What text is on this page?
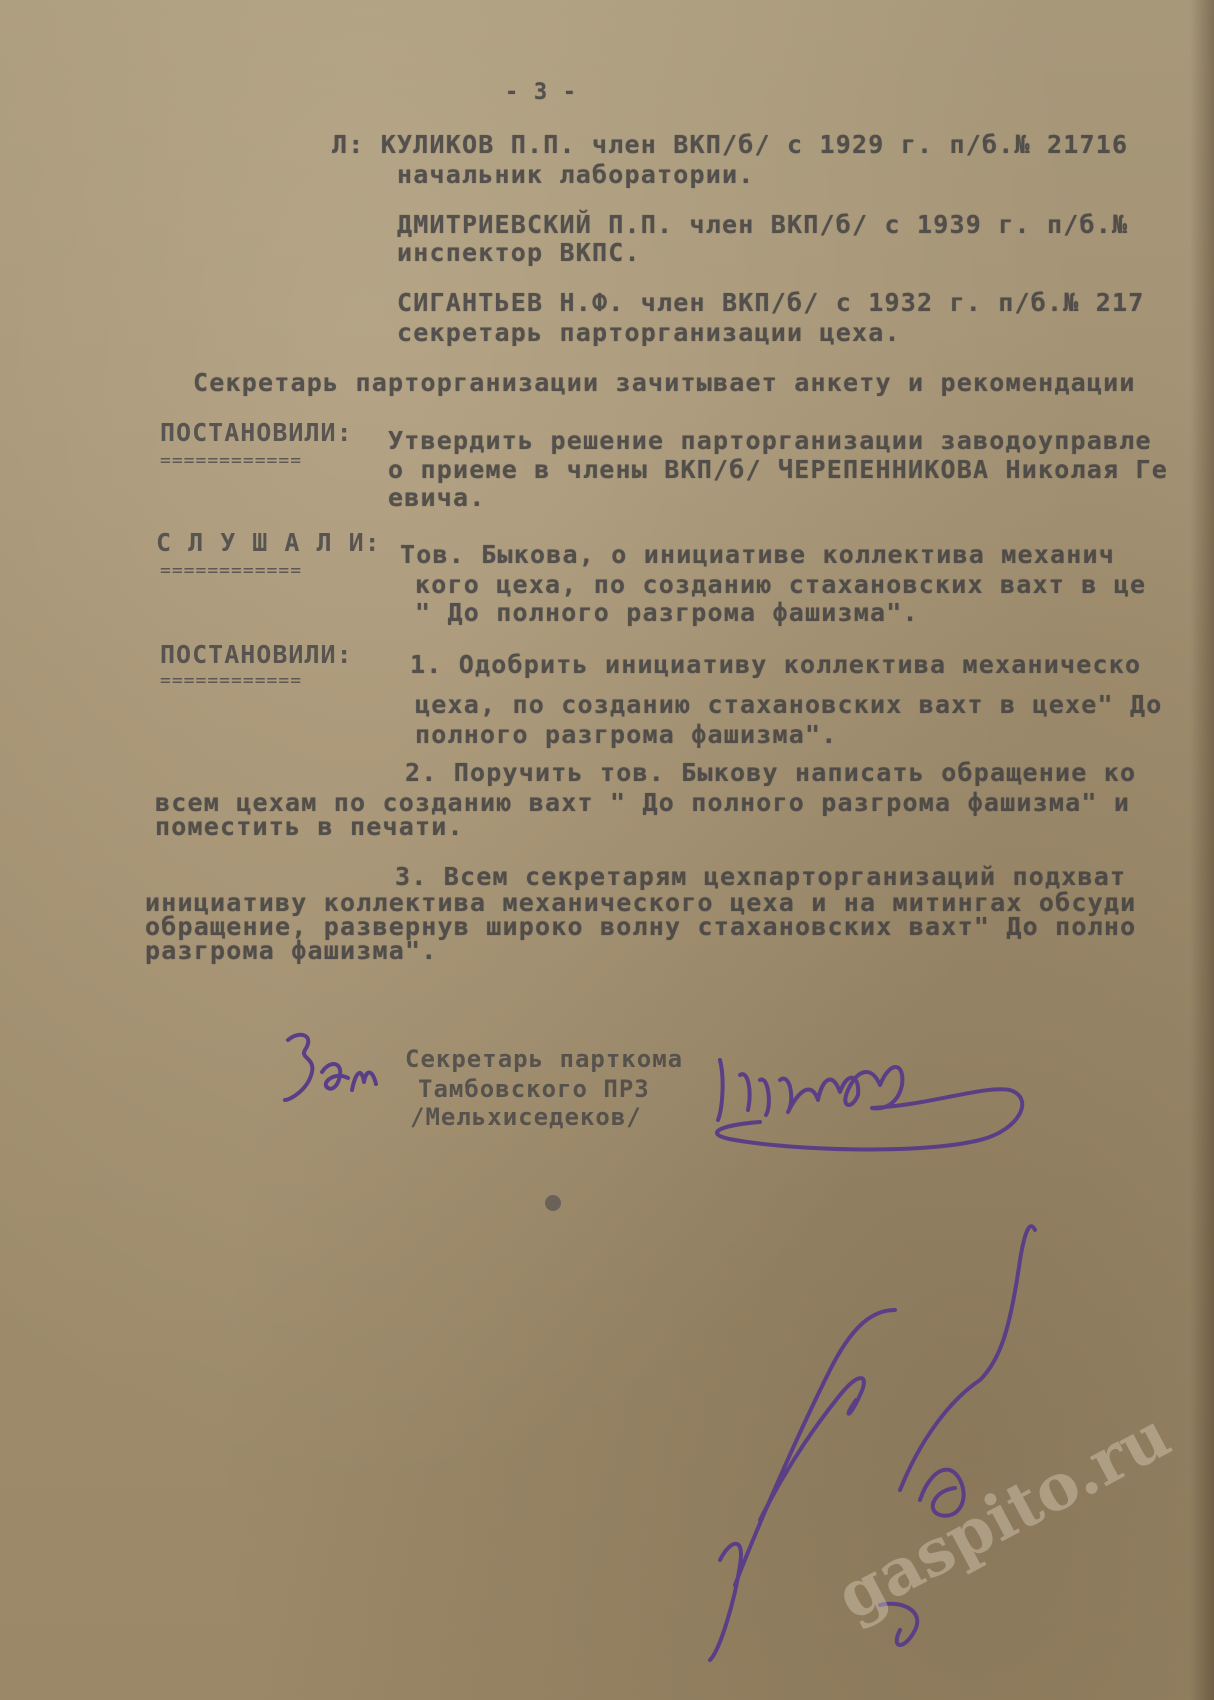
- 3 -
Л: КУЛИКОВ П.П. член ВКП/б/ с 1929 г. п/б.№ 21716
начальник лаборатории.
ДМИТРИЕВСКИЙ П.П. член ВКП/б/ с 1939 г. п/б.№
инспектор ВКПС.
СИГАНТЬЕВ Н.Ф. член ВКП/б/ с 1932 г. п/б.№ 217
секретарь парторганизации цеха.
Секретарь парторганизации зачитывает анкету и рекомендации
ПОСТАНОВИЛИ:
============
Утвердить решение парторганизации заводоуправле
о приеме в члены ВКП/б/ ЧЕРЕПЕННИКОВА Николая Ге
евича.
С Л У Ш А Л И:
============
Тов. Быкова, о инициативе коллектива механич
кого цеха, по созданию стахановских вахт в це
" До полного разгрома фашизма".
ПОСТАНОВИЛИ:
============
1. Одобрить инициативу коллектива механическо
цеха, по созданию стахановских вахт в цехе" До
полного разгрома фашизма".
2. Поручить тов. Быкову написать обращение ко
всем цехам по созданию вахт " До полного разгрома фашизма" и
поместить в печати.
3. Всем секретарям цехпарторганизаций подхват
инициативу коллектива механического цеха и на митингах обсуди
обращение, развернув широко волну стахановских вахт" До полно
разгрома фашизма".
Секретарь парткома
Тамбовского ПРЗ
/Мельхиседеков/
gaspito.ru
